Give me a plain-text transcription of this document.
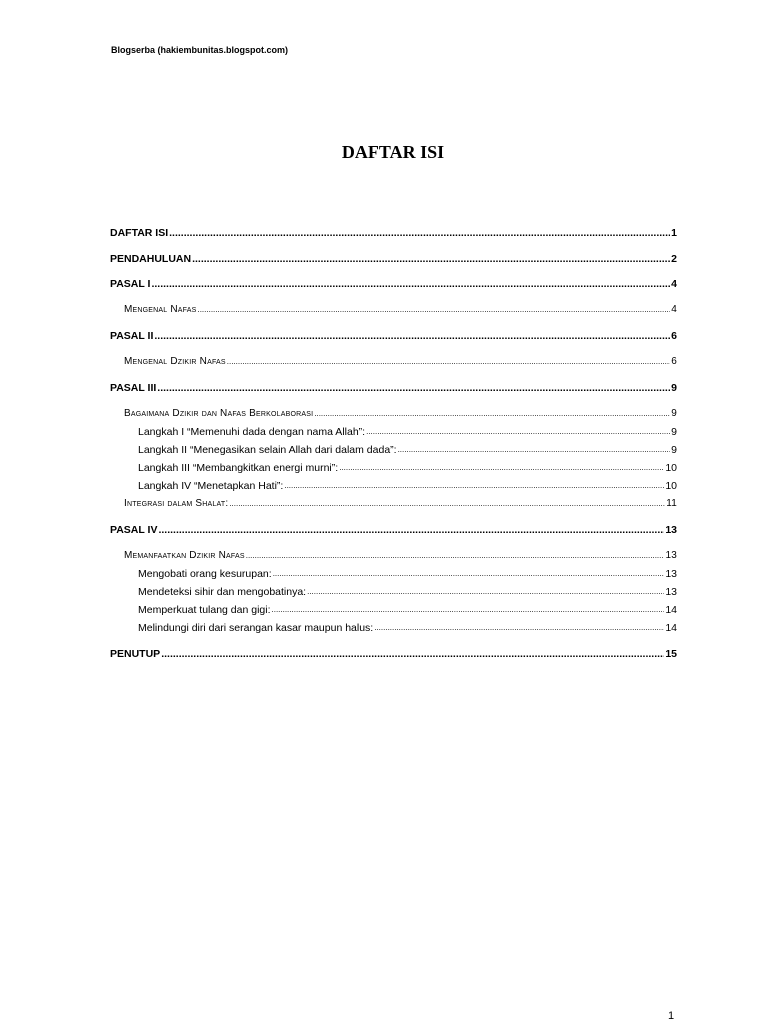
Blogserba (hakiembunitas.blogspot.com)
DAFTAR ISI
DAFTAR ISI .....	1
PENDAHULUAN .....	2
PASAL I .....	4
Mengenal Nafas .....	4
PASAL II .....	6
Mengenal Dzikir Nafas .....	6
PASAL III .....	9
Bagaimana Dzikir dan Nafas Berkolaborasi .....	9
Langkah I “Memenuhi dada dengan nama Allah”: .....	9
Langkah II “Menegasikan selain Allah dari dalam dada”: .....	9
Langkah III “Membangkitkan energi murni”: .....	10
Langkah IV “Menetapkan Hati”: .....	10
Integrasi dalam Shalat: .....	11
PASAL IV .....	13
Memanfaatkan Dzikir Nafas .....	13
Mengobati orang kesurupan: .....	13
Mendeteksi sihir dan mengobatinya: .....	13
Memperkuat tulang dan gigi: .....	14
Melindungi diri dari serangan kasar maupun halus: .....	14
PENUTUP .....	15
1
